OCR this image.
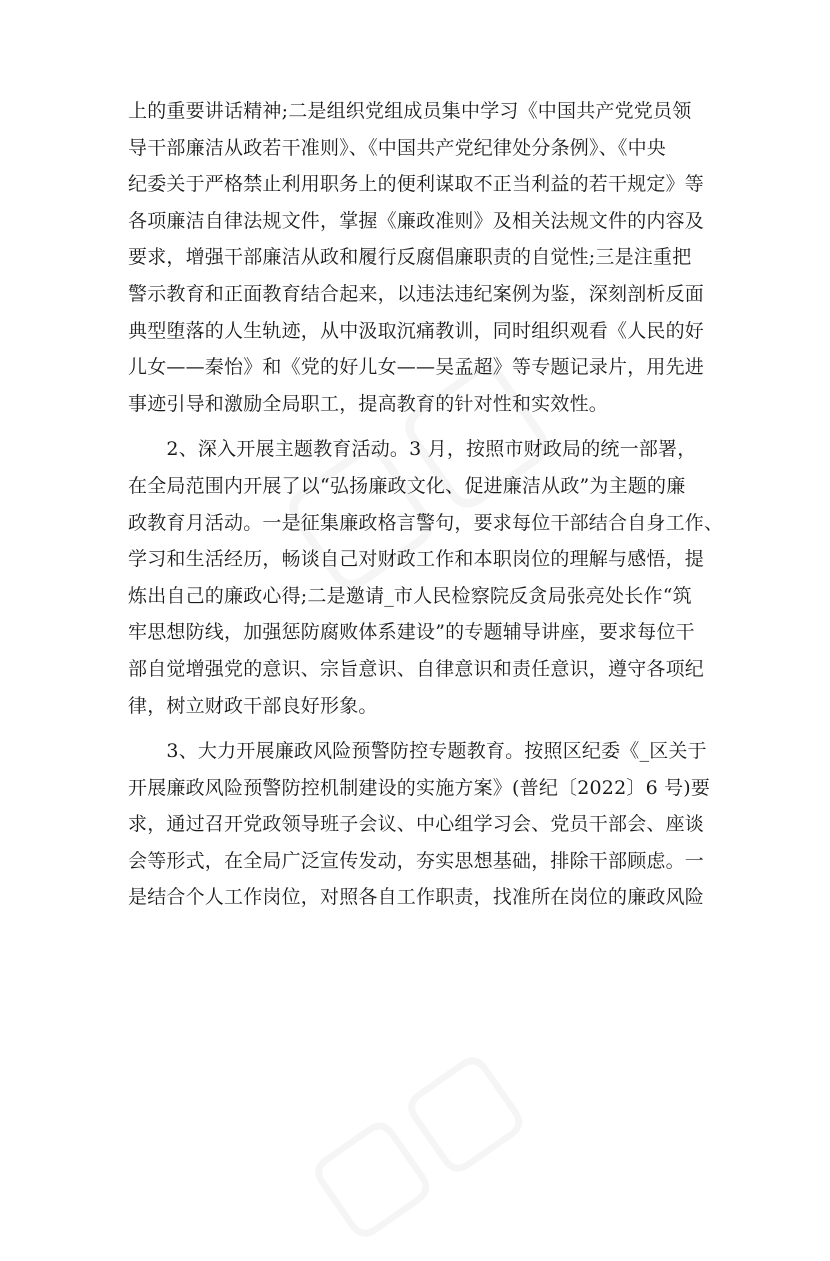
上的重要讲话精神;二是组织党组成员集中学习《中国共产党党员领
导干部廉洁从政若干准则》、《中国共产党纪律处分条例》、《中央
纪委关于严格禁止利用职务上的便利谋取不正当利益的若干规定》等
各项廉洁自律法规文件，掌握《廉政准则》及相关法规文件的内容及
要求，增强干部廉洁从政和履行反腐倡廉职责的自觉性;三是注重把
警示教育和正面教育结合起来，以违法违纪案例为鉴，深刻剖析反面
典型堕落的人生轨迹，从中汲取沉痛教训，同时组织观看《人民的好
儿女——秦怡》和《党的好儿女——吴孟超》等专题记录片，用先进
事迹引导和激励全局职工，提高教育的针对性和实效性。
　　2、深入开展主题教育活动。3 月，按照市财政局的统一部署，
在全局范围内开展了以“弘扬廉政文化、促进廉洁从政”为主题的廉
政教育月活动。一是征集廉政格言警句，要求每位干部结合自身工作、
学习和生活经历，畅谈自己对财政工作和本职岗位的理解与感悟，提
炼出自己的廉政心得;二是邀请_市人民检察院反贪局张亮处长作“筑
牢思想防线，加强惩防腐败体系建设”的专题辅导讲座，要求每位干
部自觉增强党的意识、宗旨意识、自律意识和责任意识，遵守各项纪
律，树立财政干部良好形象。
　　3、大力开展廉政风险预警防控专题教育。按照区纪委《_区关于
开展廉政风险预警防控机制建设的实施方案》(普纪〔2022〕6 号)要
求，通过召开党政领导班子会议、中心组学习会、党员干部会、座谈
会等形式，在全局广泛宣传发动，夯实思想基础，排除干部顾虑。一
是结合个人工作岗位，对照各自工作职责，找准所在岗位的廉政风险
